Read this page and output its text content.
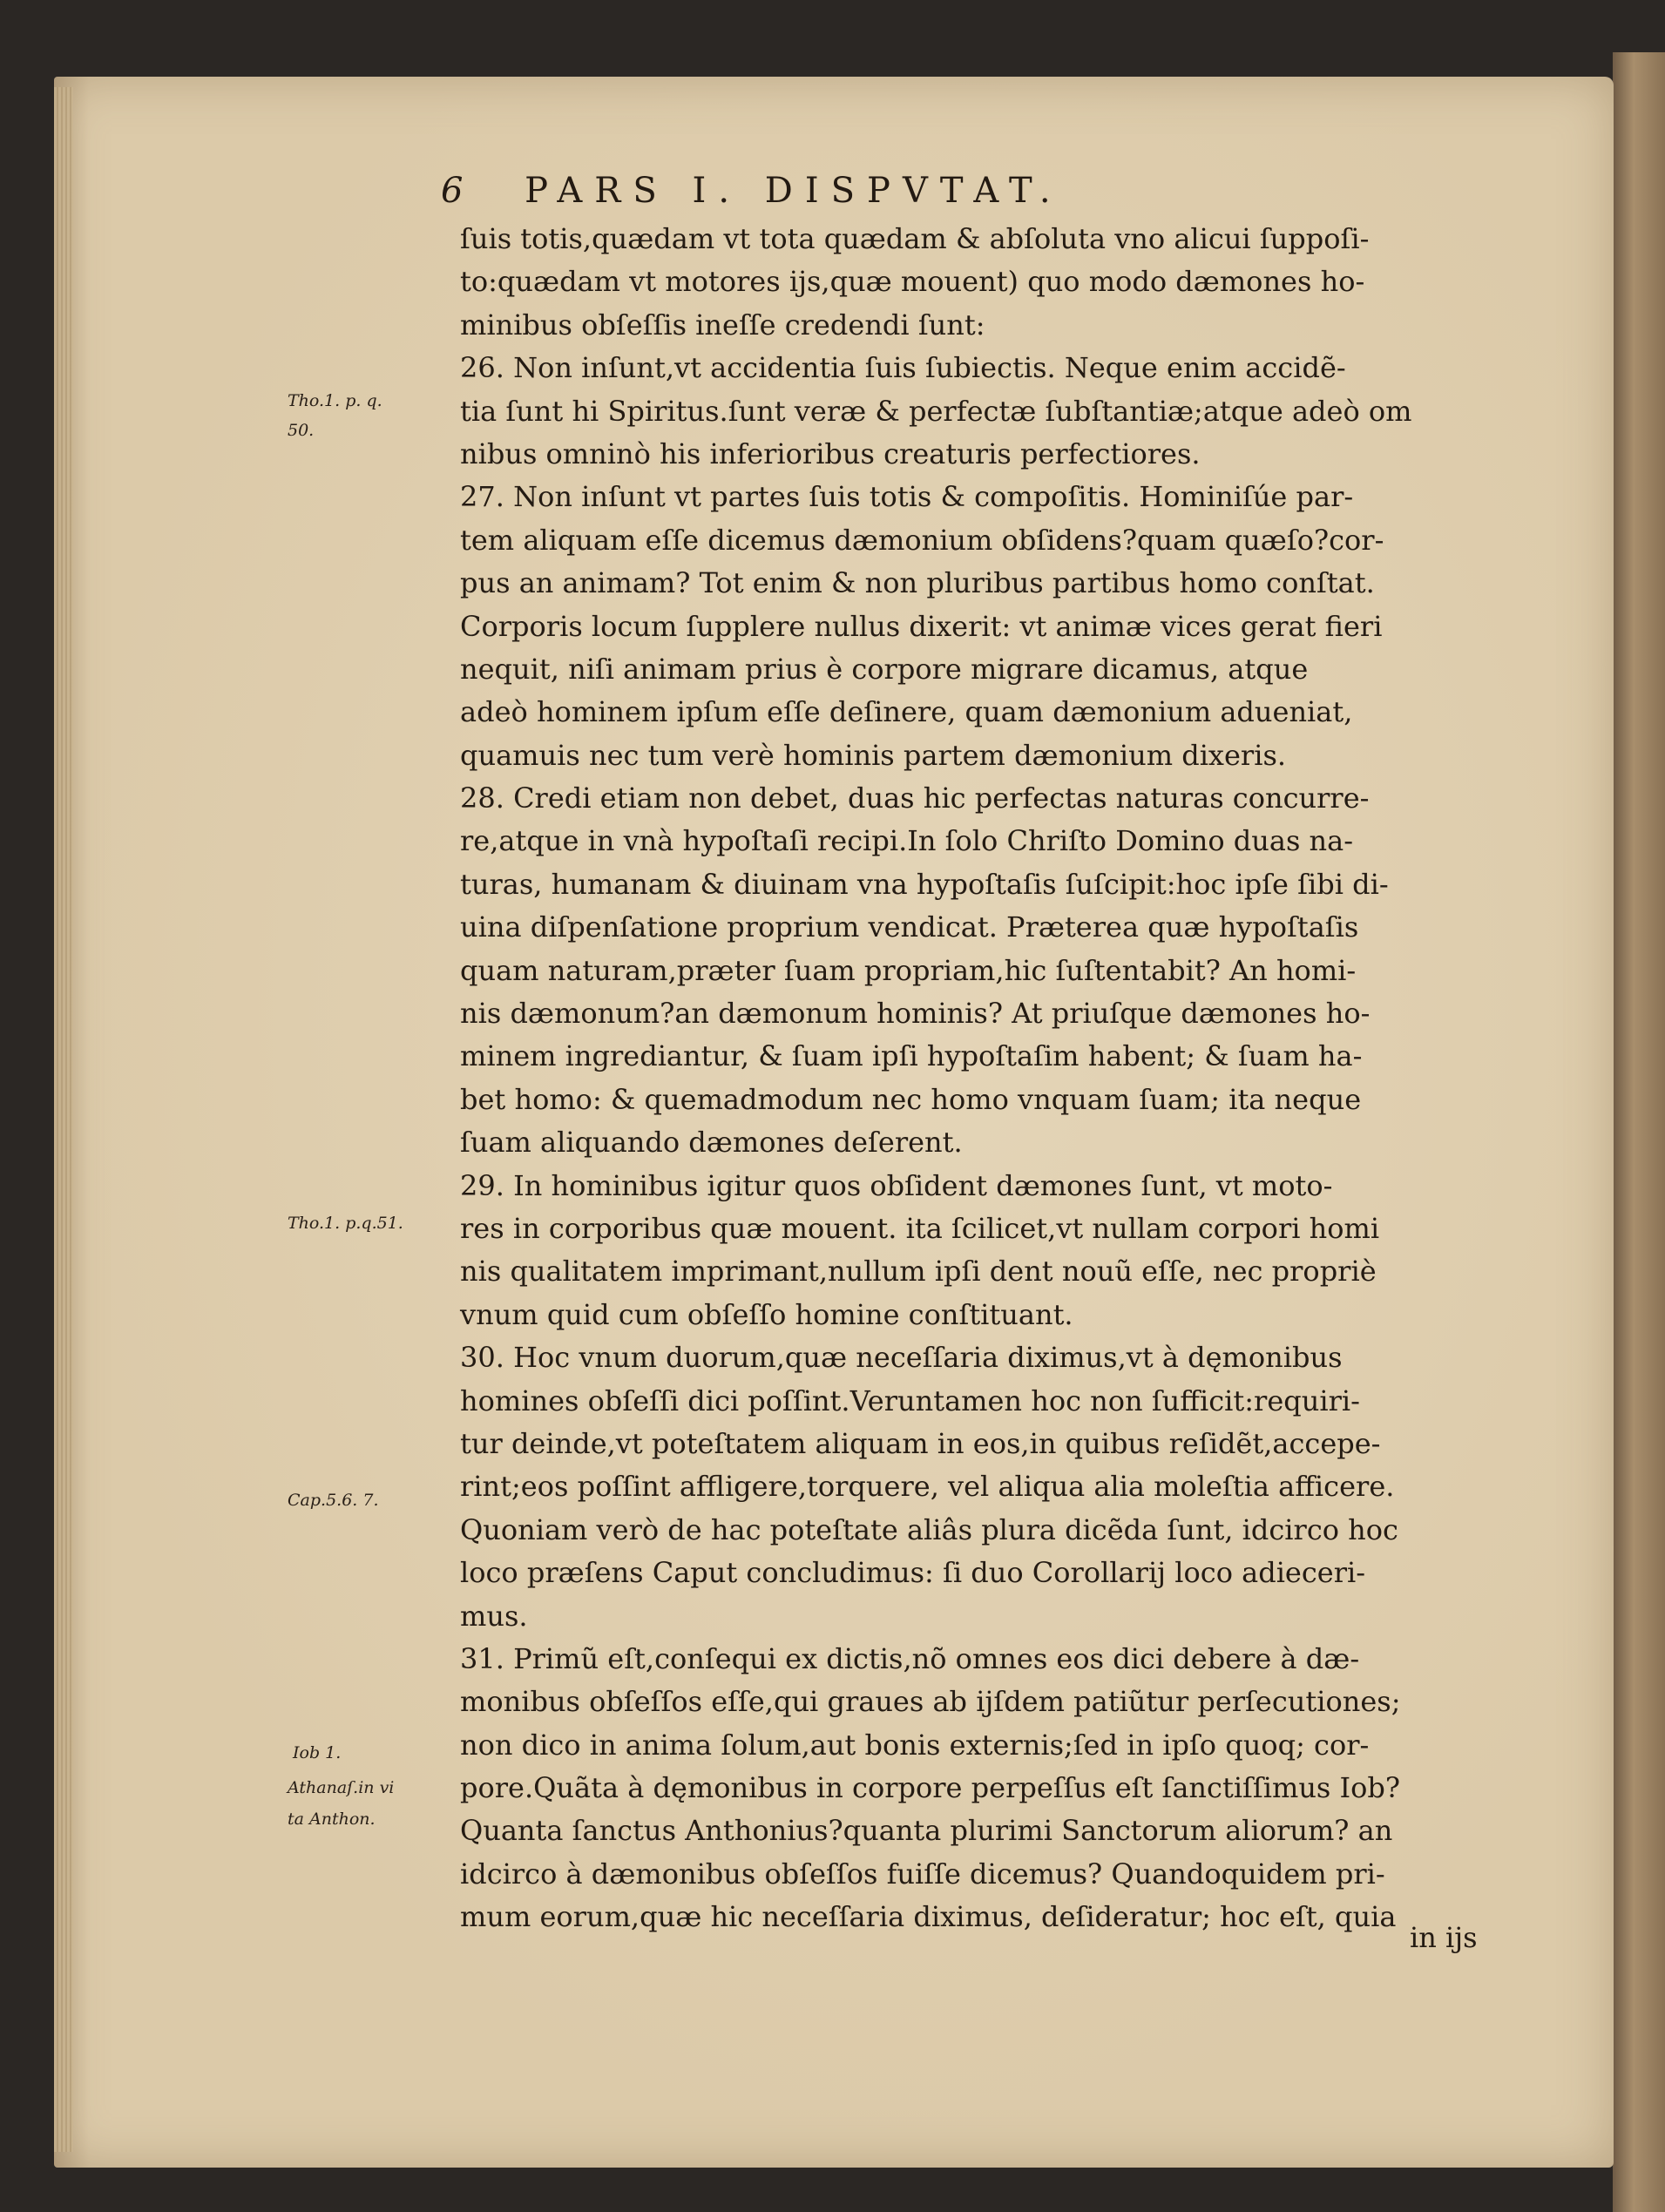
6 PARS I. DISPVTAT.
ſuis totis,quædam vt tota quædam & abſoluta vno alicui ſuppoſi-
to:quædam vt motores ijs,quæ mouent) quo modo dæmones ho-
minibus obſeſſis ineſſe credendi ſunt:
26. Non inſunt,vt accidentia ſuis ſubiectis. Neque enim accidẽ-
tia ſunt hi Spiritus.ſunt veræ & perfectæ ſubſtantiæ;atque adeò om
nibus omninò his inferioribus creaturis perfectiores.
27. Non inſunt vt partes ſuis totis & compoſitis. Hominiſúe par-
tem aliquam eſſe dicemus dæmonium obſidens?quam quæſo?cor-
pus an animam? Tot enim & non pluribus partibus homo conſtat.
Corporis locum ſupplere nullus dixerit: vt animæ vices gerat fieri
nequit, niſi animam prius è corpore migrare dicamus, atque
adeò hominem ipſum eſſe deſinere, quam dæmonium adueniat,
quamuis nec tum verè hominis partem dæmonium dixeris.
28. Credi etiam non debet, duas hic perfectas naturas concurre-
re,atque in vnà hypoſtaſi recipi.In ſolo Chriſto Domino duas na-
turas, humanam & diuinam vna hypoſtaſis ſuſcipit:hoc ipſe ſibi di-
uina diſpenſatione proprium vendicat. Præterea quæ hypoſtaſis
quam naturam,præter ſuam propriam,hic ſuſtentabit? An homi-
nis dæmonum?an dæmonum hominis? At priuſque dæmones ho-
minem ingrediantur, & ſuam ipſi hypoſtaſim habent; & ſuam ha-
bet homo: & quemadmodum nec homo vnquam ſuam; ita neque
ſuam aliquando dæmones deſerent.
29. In hominibus igitur quos obſident dæmones ſunt, vt moto-
res in corporibus quæ mouent. ita ſcilicet,vt nullam corpori homi
nis qualitatem imprimant,nullum ipſi dent nouũ eſſe, nec propriè
vnum quid cum obſeſſo homine conſtituant.
30. Hoc vnum duorum,quæ neceſſaria diximus,vt à dęmonibus
homines obſeſſi dici poſſint.Veruntamen hoc non ſufficit:requiri-
tur deinde,vt poteſtatem aliquam in eos,in quibus reſidẽt,accepe-
rint;eos poſſint affligere,torquere, vel aliqua alia moleſtia afficere.
Quoniam verò de hac poteſtate aliâs plura dicẽda ſunt, idcirco hoc
loco præſens Caput concludimus: ſi duo Corollarij loco adieceri-
mus.
31. Primũ eſt,conſequi ex dictis,nõ omnes eos dici debere à dæ-
monibus obſeſſos eſſe,qui graues ab ijſdem patiũtur perſecutiones;
non dico in anima ſolum,aut bonis externis;ſed in ipſo quoq; cor-
pore.Quãta à dęmonibus in corpore perpeſſus eſt ſanctiſſimus Iob?
Quanta ſanctus Anthonius?quanta plurimi Sanctorum aliorum? an
idcirco à dæmonibus obſeſſos fuiſſe dicemus? Quandoquidem pri-
mum eorum,quæ hic neceſſaria diximus, deſideratur; hoc eſt, quia
in ijs
Tho.1. p. q.
50.
Tho.1. p.q.51.
Cap.5.6. 7.
Iob 1.
Athanaſ.in vi
ta Anthon.
